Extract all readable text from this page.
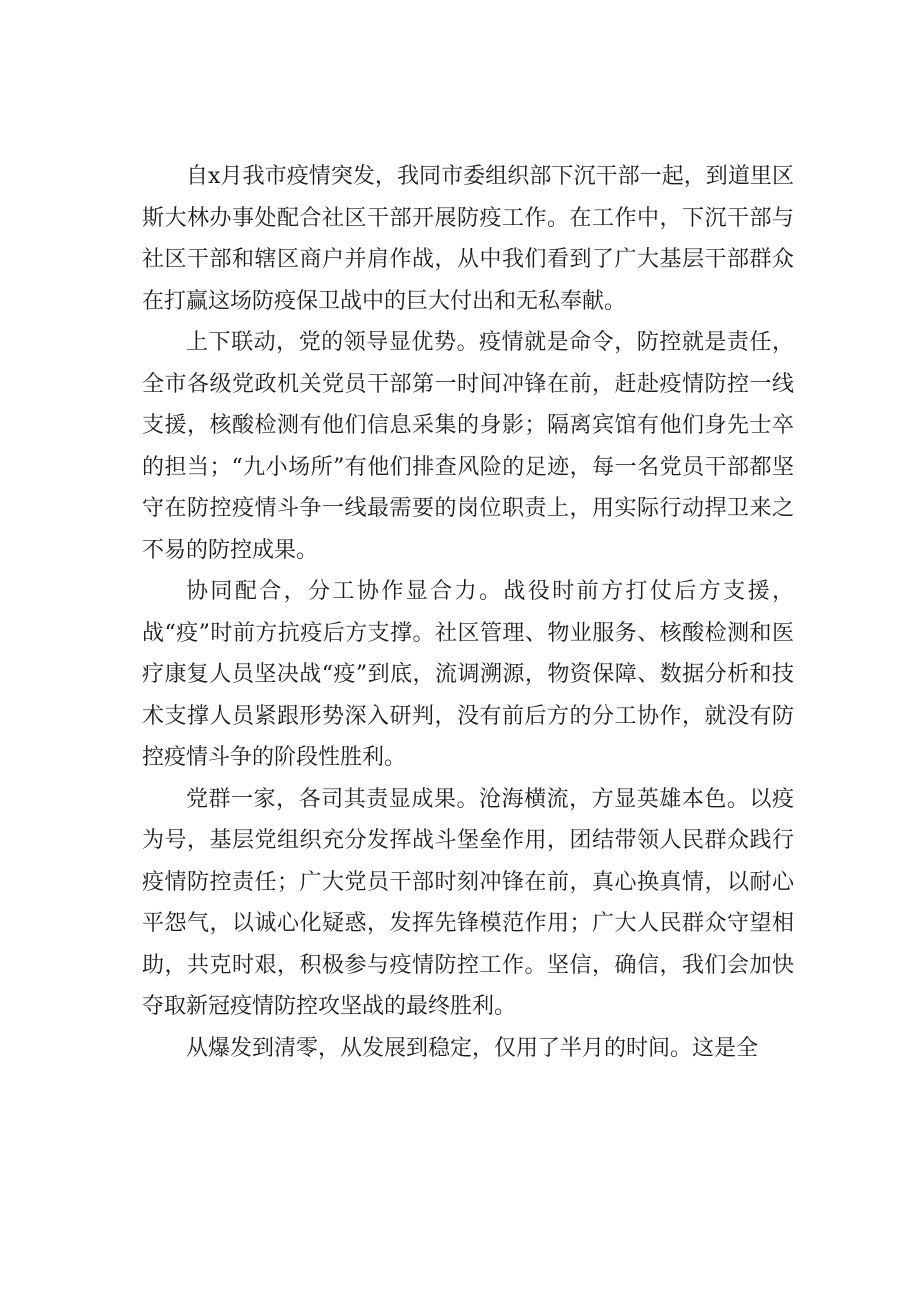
自x月我市疫情突发，我同市委组织部下沉干部一起，到道里区斯大林办事处配合社区干部开展防疫工作。在工作中，下沉干部与社区干部和辖区商户并肩作战，从中我们看到了广大基层干部群众在打赢这场防疫保卫战中的巨大付出和无私奉献。

上下联动，党的领导显优势。疫情就是命令，防控就是责任，全市各级党政机关党员干部第一时间冲锋在前，赶赴疫情防控一线支援，核酸检测有他们信息采集的身影；隔离宾馆有他们身先士卒的担当；“九小场所”有他们排查风险的足迹，每一名党员干部都坚守在防控疫情斗争一线最需要的岗位职责上，用实际行动捍卫来之不易的防控成果。

协同配合，分工协作显合力。战役时前方打仗后方支援，战“疫”时前方抗疫后方支撑。社区管理、物业服务、核酸检测和医疗康复人员坚决战“疫”到底，流调溯源，物资保障、数据分析和技术支撑人员紧跟形势深入研判，没有前后方的分工协作，就没有防控疫情斗争的阶段性胜利。

党群一家，各司其责显成果。沧海横流，方显英雄本色。以疫为号，基层党组织充分发挥战斗堡垒作用，团结带领人民群众践行疫情防控责任；广大党员干部时刻冲锋在前，真心换真情，以耐心平怨气，以诚心化疑惑，发挥先锋模范作用；广大人民群众守望相助，共克时艰，积极参与疫情防控工作。坚信，确信，我们会加快夺取新冠疫情防控攻坚战的最终胜利。

从爆发到清零，从发展到稳定，仅用了半月的时间。这是全
